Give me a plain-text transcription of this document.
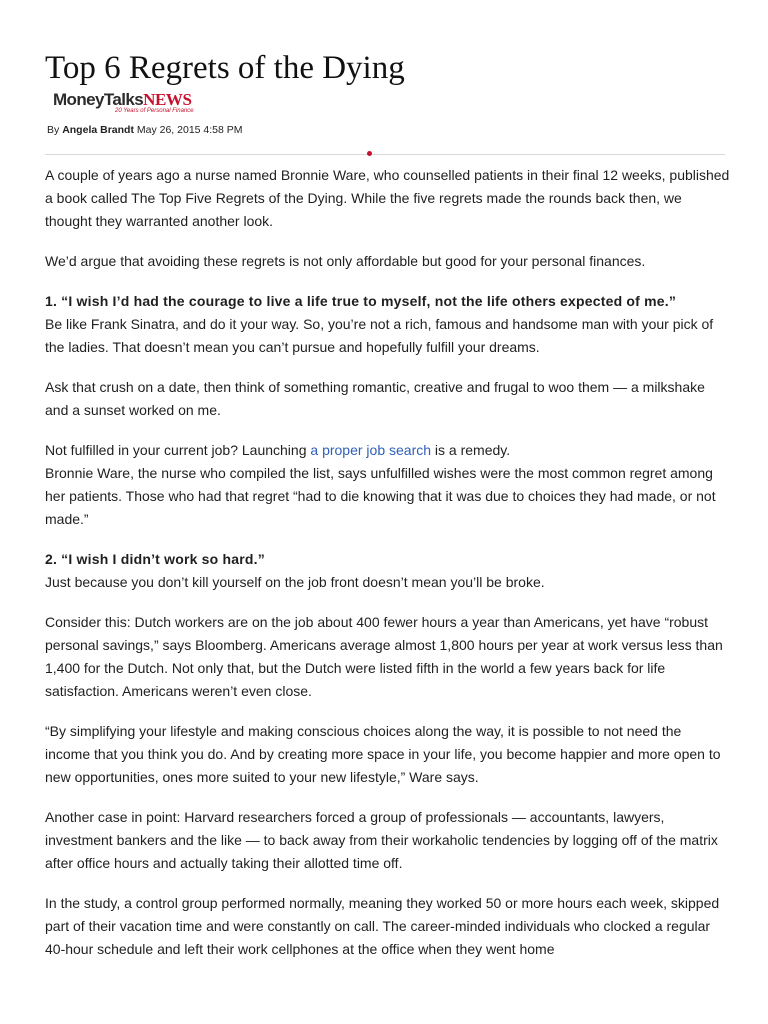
Top 6 Regrets of the Dying
MoneyTalksNEWS
20 Years of Personal Finance
By Angela Brandt May 26, 2015 4:58 PM

A couple of years ago a nurse named Bronnie Ware, who counselled patients in their final 12 weeks, published a book called The Top Five Regrets of the Dying. While the five regrets made the rounds back then, we thought they warranted another look.

We’d argue that avoiding these regrets is not only affordable but good for your personal finances.

1. “I wish I’d had the courage to live a life true to myself, not the life others expected of me.”

Be like Frank Sinatra, and do it your way. So, you’re not a rich, famous and handsome man with your pick of the ladies. That doesn’t mean you can’t pursue and hopefully fulfill your dreams.

Ask that crush on a date, then think of something romantic, creative and frugal to woo them — a milkshake and a sunset worked on me.

Not fulfilled in your current job? Launching a proper job search is a remedy.

Bronnie Ware, the nurse who compiled the list, says unfulfilled wishes were the most common regret among her patients. Those who had that regret “had to die knowing that it was due to choices they had made, or not made.”

2. “I wish I didn’t work so hard.”

Just because you don’t kill yourself on the job front doesn’t mean you’ll be broke.

Consider this: Dutch workers are on the job about 400 fewer hours a year than Americans, yet have “robust personal savings,” says Bloomberg. Americans average almost 1,800 hours per year at work versus less than 1,400 for the Dutch. Not only that, but the Dutch were listed fifth in the world a few years back for life satisfaction. Americans weren’t even close.

“By simplifying your lifestyle and making conscious choices along the way, it is possible to not need the income that you think you do. And by creating more space in your life, you become happier and more open to new opportunities, ones more suited to your new lifestyle,” Ware says.

Another case in point: Harvard researchers forced a group of professionals — accountants, lawyers, investment bankers and the like — to back away from their workaholic tendencies by logging off of the matrix after office hours and actually taking their allotted time off.

In the study, a control group performed normally, meaning they worked 50 or more hours each week, skipped part of their vacation time and were constantly on call. The career-minded individuals who clocked a regular 40-hour schedule and left their work cellphones at the office when they went home
